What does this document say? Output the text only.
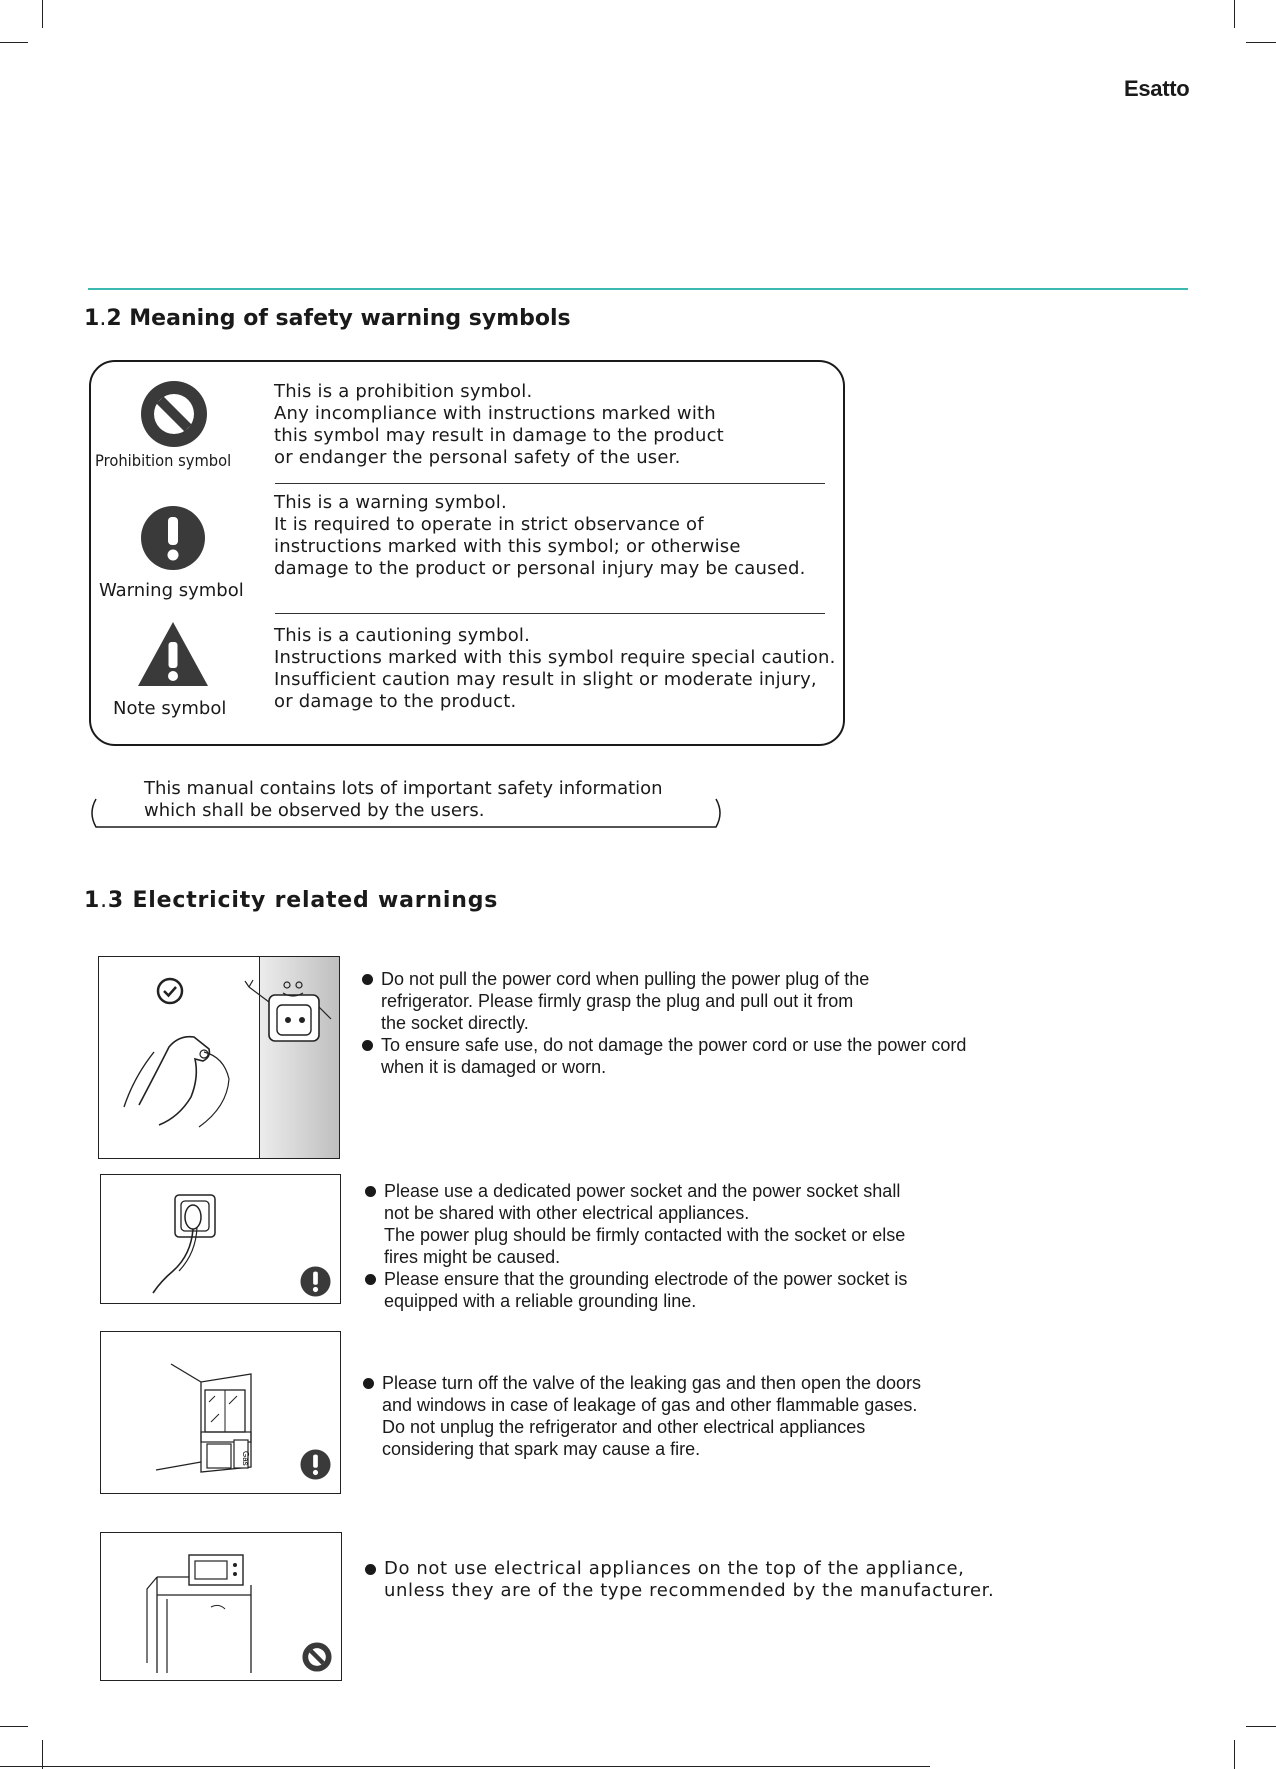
Esatto
1.2 Meaning of safety warning symbols
Prohibition symbol
This is a prohibition symbol.
Any incompliance with instructions marked with
this symbol may result in damage to the product
or endanger the personal safety of the user.
Warning symbol
This is a warning symbol.
It is required to operate in strict observance of
instructions marked with this symbol; or otherwise
damage to the product or personal injury may be caused.
Note symbol
This is a cautioning symbol.
Instructions marked with this symbol require special caution.
Insufficient caution may result in slight or moderate injury,
or damage to the product.
This manual contains lots of important safety information
which shall be observed by the users.
1.3 Electricity related warnings
Do not pull the power cord when pulling the power plug of the
refrigerator. Please firmly grasp the plug and pull out it from
the socket directly.
To ensure safe use, do not damage the power cord or use the power cord
when it is damaged or worn.
Please use a dedicated power socket and the power socket shall
not be shared with other electrical appliances.
The power plug should be firmly contacted with the socket or else
fires might be caused.
Please ensure that the grounding electrode of the power socket is
equipped with a reliable grounding line.
Gas
Please turn off the valve of the leaking gas and then open the doors
and windows in case of leakage of gas and other flammable gases.
Do not unplug the refrigerator and other electrical appliances
considering that spark may cause a fire.
Do not use electrical appliances on the top of the appliance,
unless they are of the type recommended by the manufacturer.
